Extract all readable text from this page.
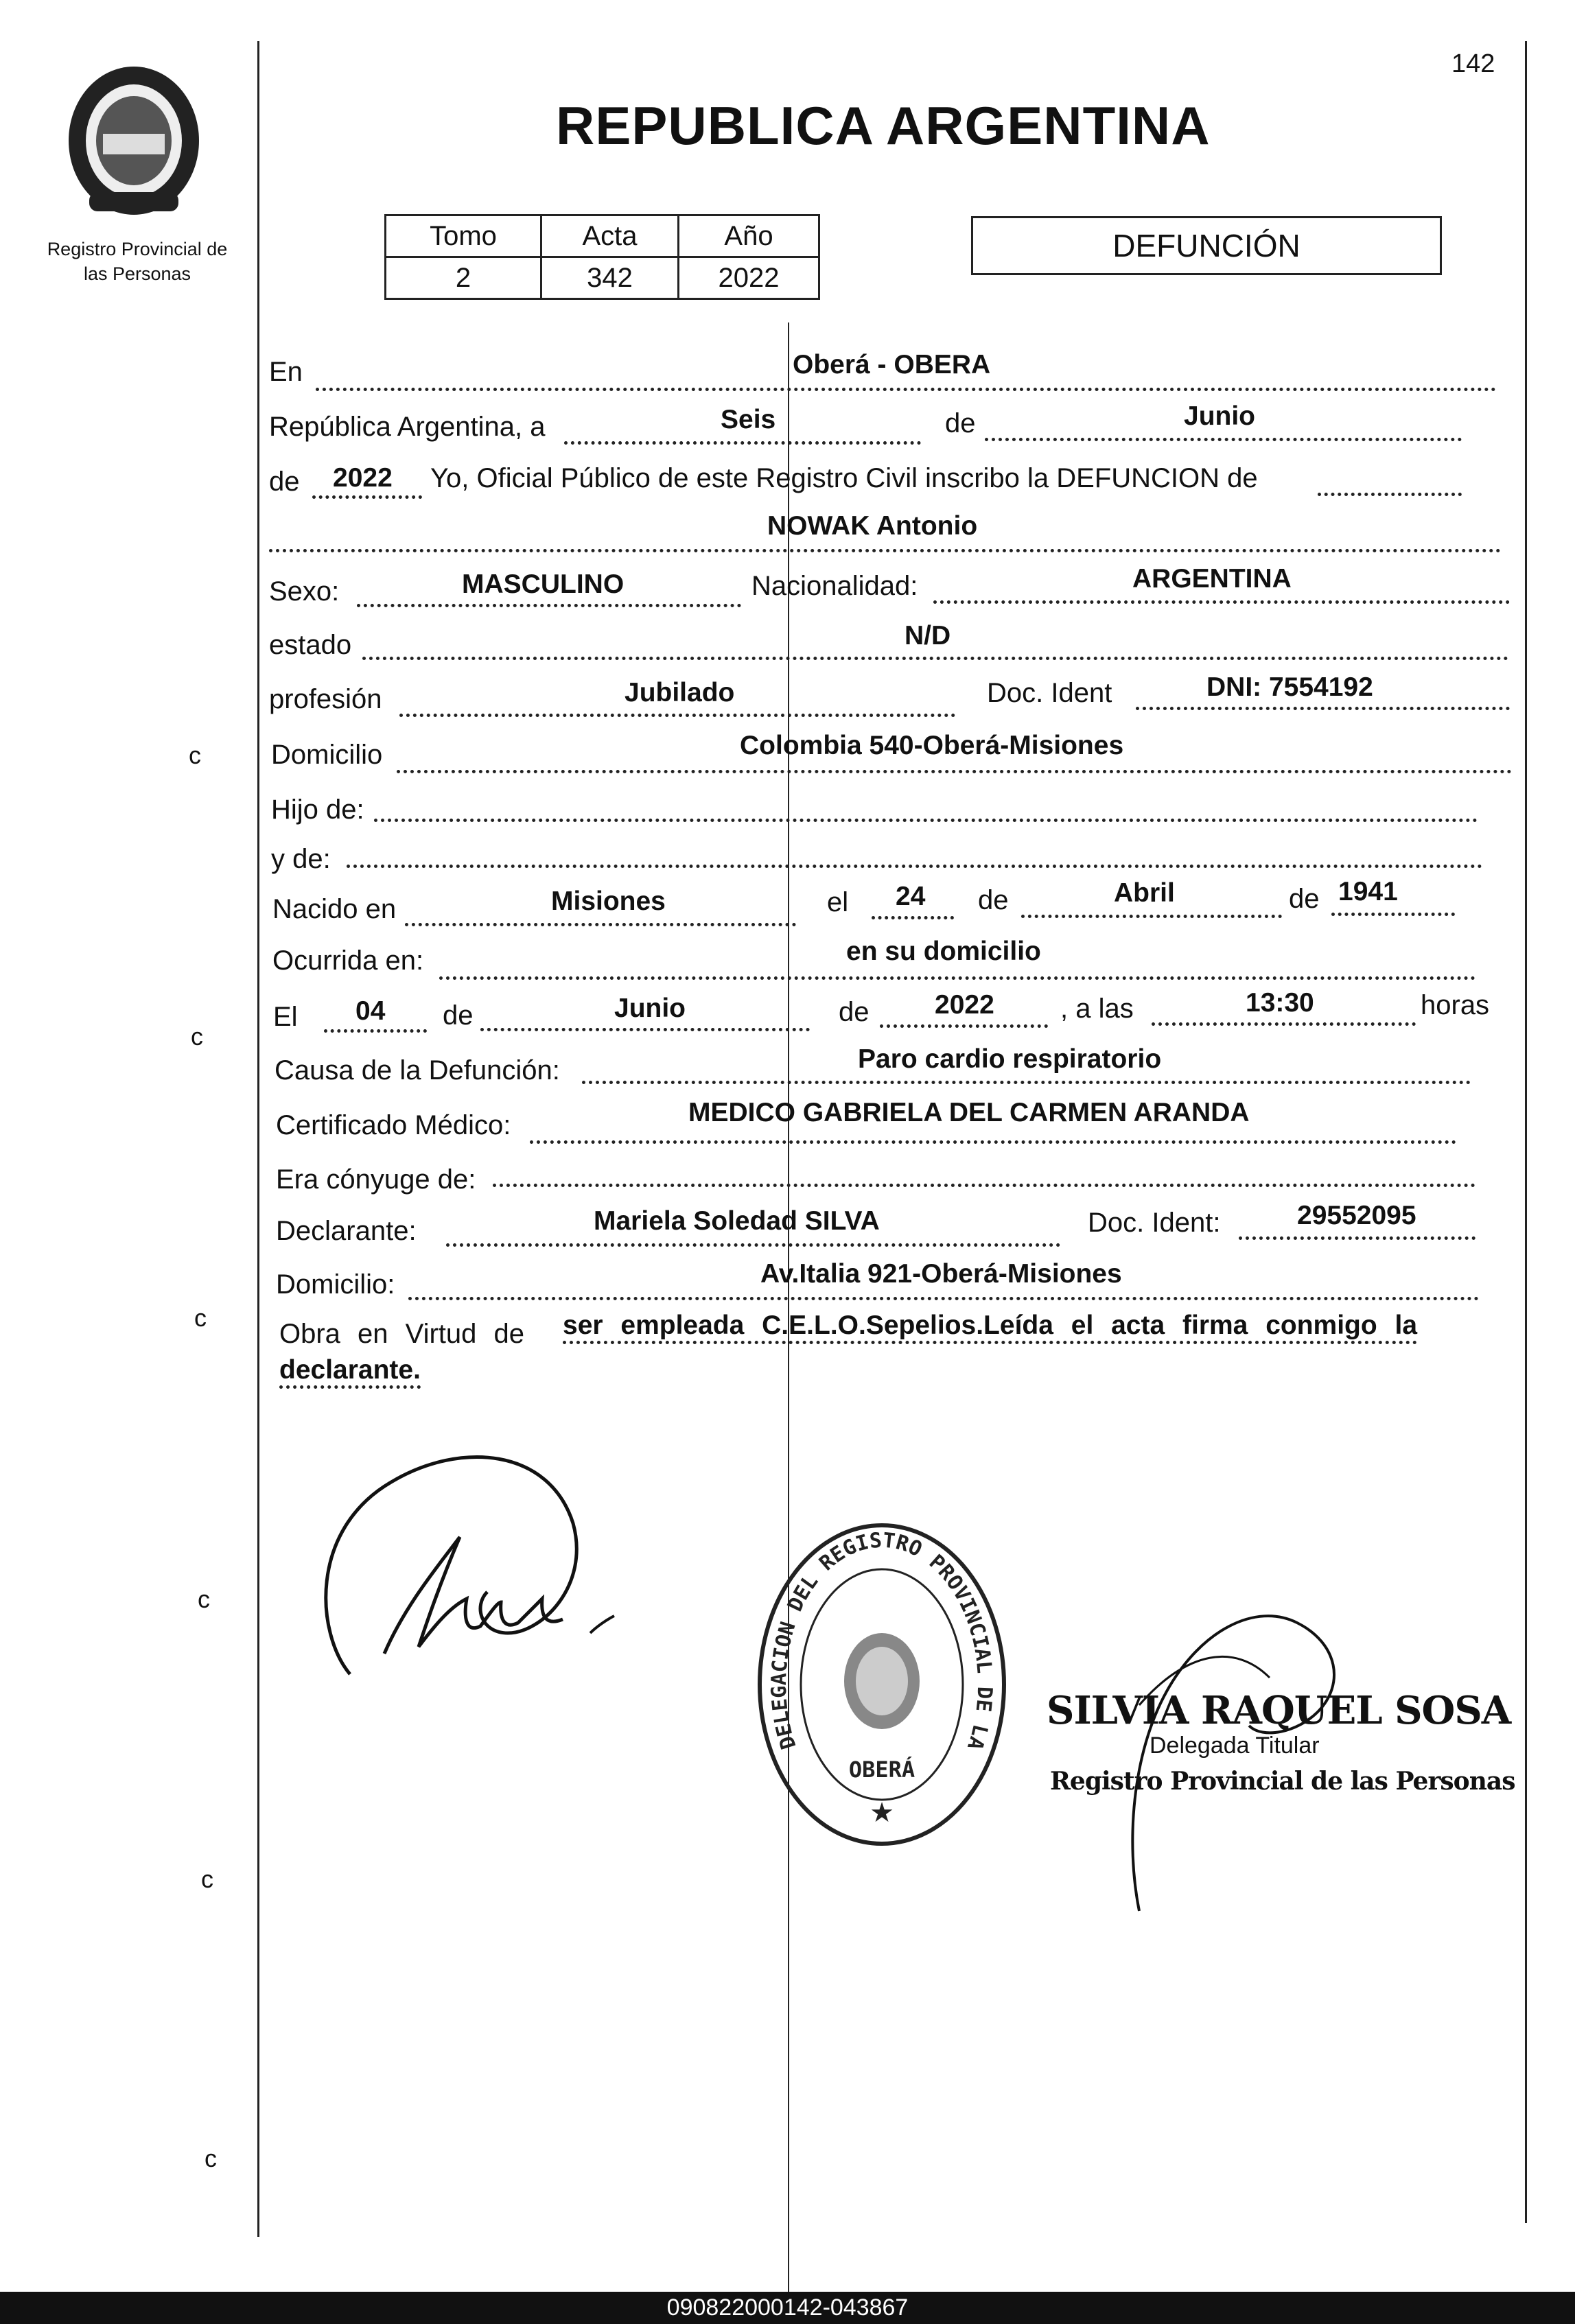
142
Registro Provincial de las Personas
REPUBLICA ARGENTINA
Tomo	Acta	Año
2	342	2022
DEFUNCIÓN
En	Oberá - OBERA
República Argentina, a	Seis	de	Junio
de 2022 Yo, Oficial Público de este Registro Civil inscribo la DEFUNCION de
NOWAK Antonio
Sexo:	MASCULINO	Nacionalidad:	ARGENTINA
estado	N/D
profesión	Jubilado	Doc. Ident	DNI: 7554192
Domicilio	Colombia 540-Oberá-Misiones
Hijo de:
y de:
Nacido en	Misiones	el 24 de	Abril	de 1941
Ocurrida en:	en su domicilio
El 04 de	Junio	de 2022 , a las	13:30	horas
Causa de la Defunción:	Paro cardio respiratorio
Certificado Médico:	MEDICO GABRIELA DEL CARMEN ARANDA
Era cónyuge de:
Declarante:	Mariela Soledad SILVA	Doc. Ident:	29552095
Domicilio:	Av.Italia 921-Oberá-Misiones
Obra en Virtud de ser empleada C.E.L.O.Sepelios.Leída el acta firma conmigo la
declarante.
DELEGACION DEL REGISTRO PROVINCIAL DE LA
OBERÁ
★
SILVIA RAQUEL SOSA
Delegada Titular
Registro Provincial de las Personas
c
c
c
c
c
c
090822000142-043867
